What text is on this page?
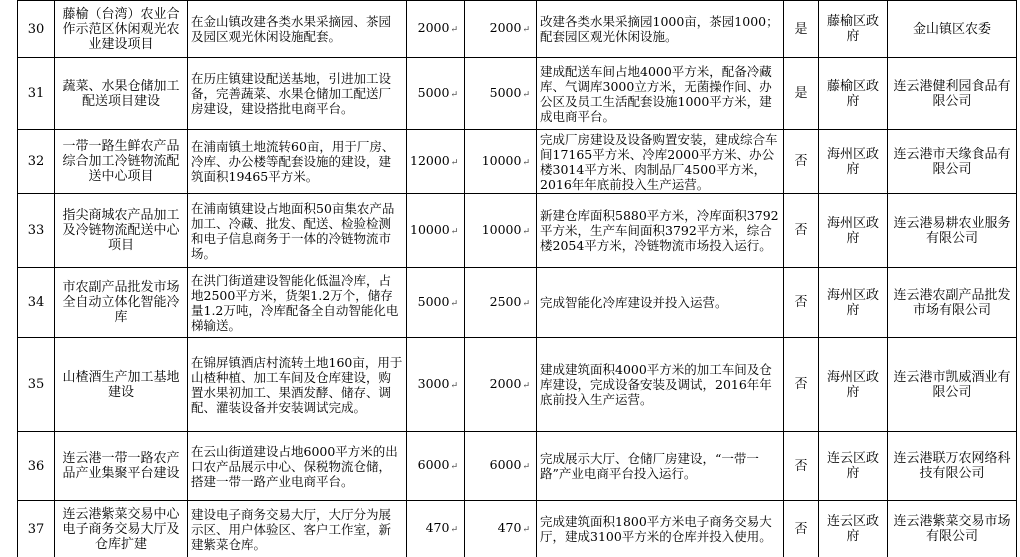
30	藤榆（台湾）农业合作示范区休闲观光农业建设项目	在金山镇改建各类水果采摘园、茶园及园区观光休闲设施配套。	2000↵	2000↵	改建各类水果采摘园1000亩，茶园1000；配套园区观光休闲设施。	是	藤榆区政府	金山镇区农委
31	蔬菜、水果仓储加工配送项目建设	在历庄镇建设配送基地，引进加工设备，完善蔬菜、水果仓储加工配送厂房建设，建设搭批电商平台。	5000↵	5000↵	建成配送车间占地4000平方米，配备冷藏库、气调库3000立方米，无菌操作间、办公区及员工生活配套设施1000平方米，建成电商平台。	是	藤榆区政府	连云港健利园食品有限公司
32	一带一路生鲜农产品综合加工冷链物流配送中心项目	在浦南镇土地流转60亩，用于厂房、冷库、办公楼等配套设施的建设，建筑面积19465平方米。	12000↵	10000↵	完成厂房建设及设备购置安装，建成综合车间17165平方米、冷库2000平方米、办公楼3014平方米、肉制品厂4500平方米，2016年年底前投入生产运营。	否	海州区政府	连云港市天缘食品有限公司
33	指尖商城农产品加工及冷链物流配送中心项目	在浦南镇建设占地面积50亩集农产品加工、冷藏、批发、配送、检验检测和电子信息商务于一体的冷链物流市场。	10000↵	10000↵	新建仓库面积5880平方米，冷库面积3792平方米，生产车间面积3792平方米，综合楼2054平方米，冷链物流市场投入运行。	否	海州区政府	连云港易耕农业服务有限公司
34	市农副产品批发市场全自动立体化智能冷库	在洪门街道建设智能化低温冷库，占地2500平方米，货架1.2万个，储存量1.2万吨，冷库配备全自动智能化电梯输送。	5000↵	2500↵	完成智能化冷库建设并投入运营。	否	海州区政府	连云港农副产品批发市场有限公司
35	山楂酒生产加工基地建设	在锦屏镇酒店村流转土地160亩，用于山楂种植、加工车间及仓库建设，购置水果初加工、果酒发酵、储存、调配、灌装设备并安装调试完成。	3000↵	2000↵	建成建筑面积4000平方米的加工车间及仓库建设，完成设备安装及调试，2016年年底前投入生产运营。	否	海州区政府	连云港市凯威酒业有限公司
36	连云港一带一路农产品产业集聚平台建设	在云山街道建设占地6000平方米的出口农产品展示中心、保税物流仓储，搭建一带一路产业电商平台。	6000↵	6000↵	完成展示大厅、仓储厂房建设，“一带一路”产业电商平台投入运行。	否	连云区政府	连云港联万农网络科技有限公司
37	连云港紫菜交易中心电子商务交易大厅及仓库扩建	建设电子商务交易大厅，大厅分为展示区、用户体验区、客户工作室，新建紫菜仓库。	470↵	470↵	完成建筑面积1800平方米电子商务交易大厅，建成3100平方米的仓库并投入使用。	否	连云区政府	连云港紫菜交易市场有限公司
